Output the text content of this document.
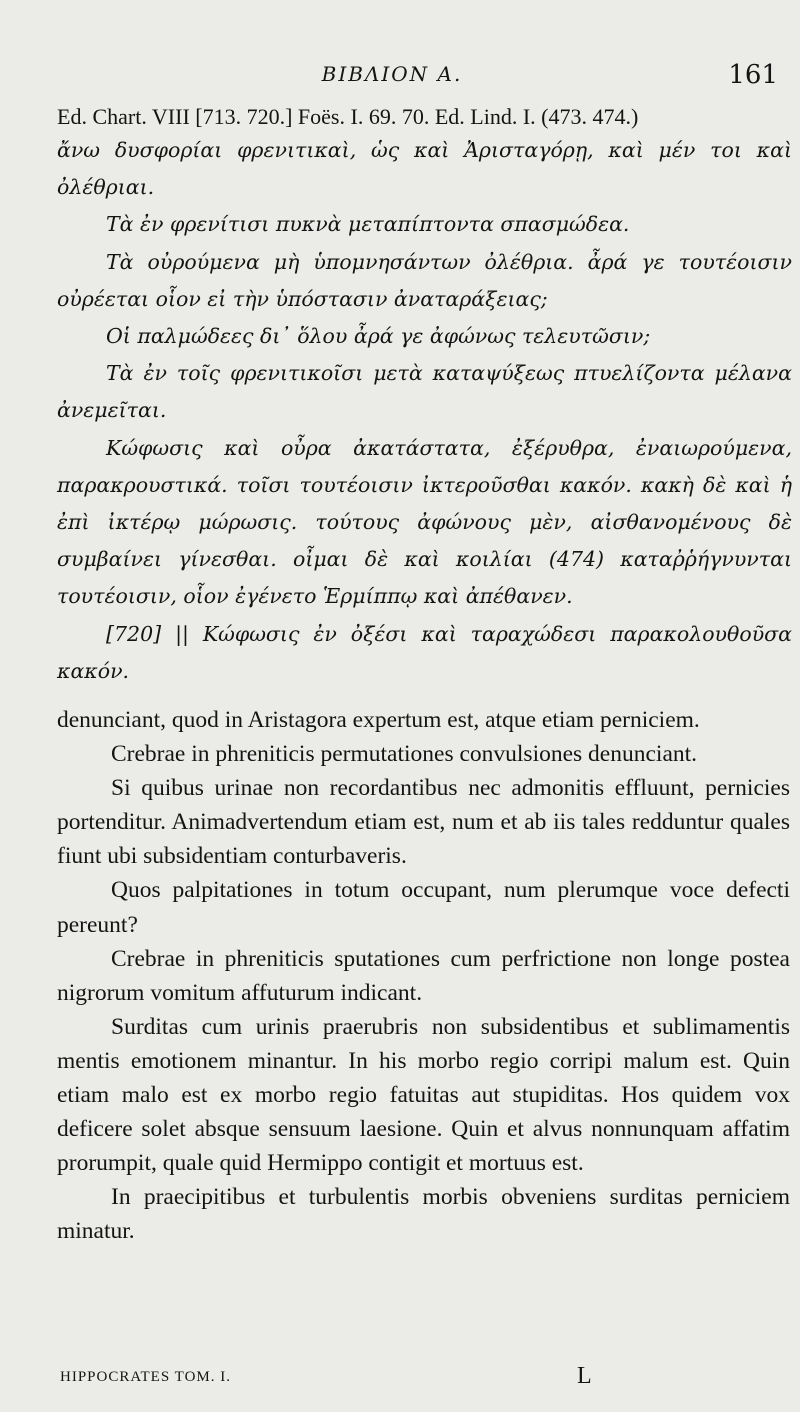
ΒΙΒΛΙΟΝ Α.	161
Ed. Chart. VIII [713. 720.] Foës. I. 69. 70. Ed. Lind. I. (473. 474.)

ἄνω δυσφορίαι φρενιτικαὶ, ὡς καὶ Ἀρισταγόρῃ, καὶ μέν τοι καὶ ὀλέθριαι.

Τὰ ἐν φρενίτισι πυκνὰ μεταπίπτοντα σπασμώδεα.

Τὰ οὐρούμενα μὴ ὑπομνησάντων ὀλέθρια. ἆρά γε τουτέοισιν οὐρέεται οἷον εἰ τὴν ὑπόστασιν ἀναταράξειας;

Οἱ παλμώδεες δι᾽ ὅλου ἆρά γε ἀφώνως τελευτῶσιν;

Τὰ ἐν τοῖς φρενιτικοῖσι μετὰ καταψύξεως πτυελίζοντα μέλανα ἀνεμεῖται.

Κώφωσις καὶ οὖρα ἀκατάστατα, ἐξέρυθρα, ἐναιωρούμενα, παρακρουστικά. τοῖσι τουτέοισιν ἰκτεροῦσθαι κακόν. κακὴ δὲ καὶ ἡ ἐπὶ ἰκτέρῳ μώρωσις. τούτους ἀφώνους μὲν, αἰσθανομένους δὲ συμβαίνει γίνεσθαι. οἶμαι δὲ καὶ κοιλίαι (474) καταῤῥήγνυνται τουτέοισιν, οἷον ἐγένετο Ἑρμίππῳ καὶ ἀπέθανεν.

[720] || Κώφωσις ἐν ὀξέσι καὶ ταραχώδεσι παρακολουθοῦσα κακόν.

denunciant, quod in Aristagora expertum est, atque etiam perniciem.

Crebrae in phreniticis permutationes convulsiones denunciant.

Si quibus urinae non recordantibus nec admonitis effluunt, pernicies portenditur. Animadvertendum etiam est, num et ab iis tales redduntur quales fiunt ubi subsidentiam conturbaveris.

Quos palpitationes in totum occupant, num plerumque voce defecti pereunt?

Crebrae in phreniticis sputationes cum perfrictione non longe postea nigrorum vomitum affuturum indicant.

Surditas cum urinis praerubris non subsidentibus et sublimamentis mentis emotionem minantur. In his morbo regio corripi malum est. Quin etiam malo est ex morbo regio fatuitas aut stupiditas. Hos quidem vox deficere solet absque sensuum laesione. Quin et alvus nonnunquam affatim prorumpit, quale quid Hermippo contigit et mortuus est.

In praecipitibus et turbulentis morbis obveniens surditas perniciem minatur.

HIPPOCRATES TOM. I.	L
